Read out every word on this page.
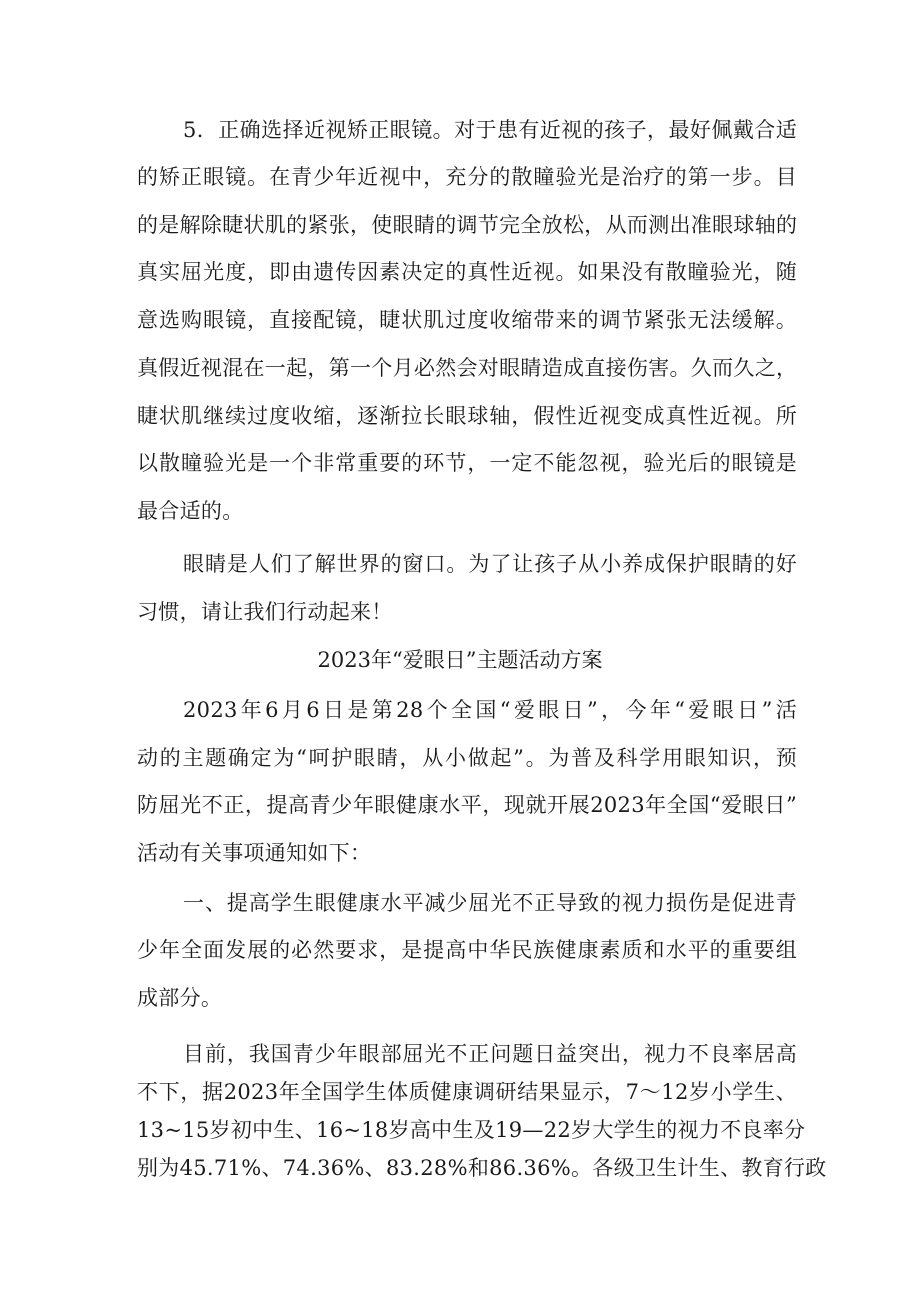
5．正确选择近视矫正眼镜。对于患有近视的孩子，最好佩戴合适
的矫正眼镜。在青少年近视中，充分的散瞳验光是治疗的第一步。目
的是解除睫状肌的紧张，使眼睛的调节完全放松，从而测出准眼球轴的
真实屈光度，即由遗传因素决定的真性近视。如果没有散瞳验光，随
意选购眼镜，直接配镜，睫状肌过度收缩带来的调节紧张无法缓解。
真假近视混在一起，第一个月必然会对眼睛造成直接伤害。久而久之，
睫状肌继续过度收缩，逐渐拉长眼球轴，假性近视变成真性近视。所
以散瞳验光是一个非常重要的环节，一定不能忽视，验光后的眼镜是
最合适的。
眼睛是人们了解世界的窗口。为了让孩子从小养成保护眼睛的好
习惯，请让我们行动起来！
2023年“爱眼日”主题活动方案
2023年6月6日是第28个全国“爱眼日”，今年“爱眼日”活
动的主题确定为“呵护眼睛，从小做起”。为普及科学用眼知识，预
防屈光不正，提高青少年眼健康水平，现就开展2023年全国“爱眼日”
活动有关事项通知如下：
一、提高学生眼健康水平减少屈光不正导致的视力损伤是促进青
少年全面发展的必然要求，是提高中华民族健康素质和水平的重要组
成部分。
目前，我国青少年眼部屈光不正问题日益突出，视力不良率居高
不下，据2023年全国学生体质健康调研结果显示，7～12岁小学生、
13~15岁初中生、16~18岁高中生及19—22岁大学生的视力不良率分
别为45.71%、74.36%、83.28%和86.36%。各级卫生计生、教育行政
